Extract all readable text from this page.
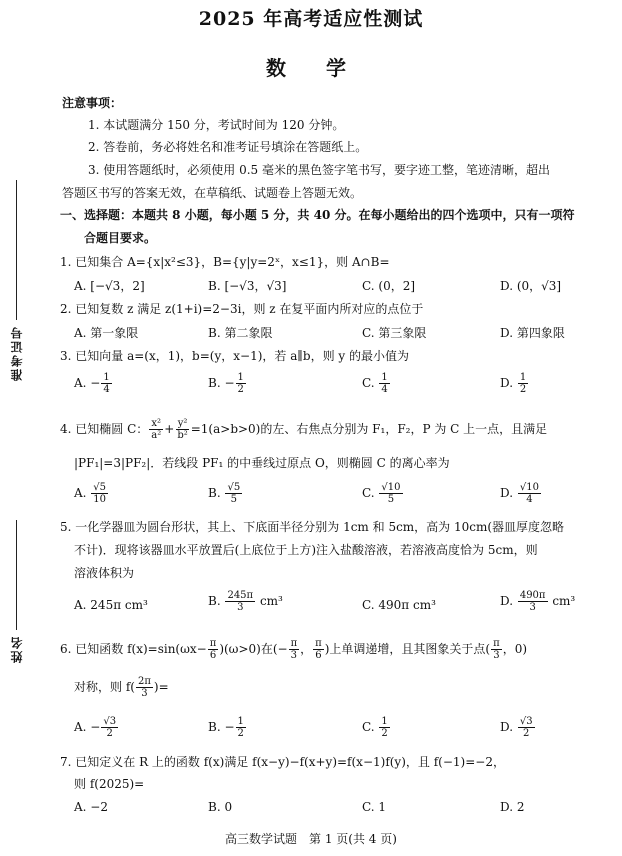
2025 年高考适应性测试
数　学
准考证号
姓名
注意事项：
1. 本试题满分 150 分，考试时间为 120 分钟。
2. 答卷前，务必将姓名和准考证号填涂在答题纸上。
3. 使用答题纸时，必须使用 0.5 毫米的黑色签字笔书写，要字迹工整，笔迹清晰，超出
答题区书写的答案无效，在草稿纸、试题卷上答题无效。
一、选择题：本题共 8 小题，每小题 5 分，共 40 分。在每小题给出的四个选项中，只有一项符
合题目要求。
1. 已知集合 A={x|x²≤3}，B={y|y=2ˣ，x≤1}，则 A∩B=
A. [−√3，2]	B. [−√3，√3]	C. (0，2]	D. (0，√3]
2. 已知复数 z 满足 z(1+i)=2−3i，则 z 在复平面内所对应的点位于
A. 第一象限	B. 第二象限	C. 第三象限	D. 第四象限
3. 已知向量 a=(x，1)，b=(y，x−1)，若 a∥b，则 y 的最小值为
A. − $\frac{1}{4}$	B. − $\frac{1}{2}$	C. $\frac{1}{4}$	D. $\frac{1}{2}$
4. 已知椭圆 C： $\frac{\text{x²}}{\text{a²}} + \frac{\text{y²}}{\text{b²}} =1(a>b>0)$的左、右焦点分别为 F₁，F₂，P 为 C 上一点，且满足
|PF₁|=3|PF₂|．若线段 PF₁ 的中垂线过原点 O，则椭圆 C 的离心率为
A. $\frac{√5}{10}$	B. $\frac{√5}{5}$	C. $\frac{√10}{5}$	D. $\frac{√10}{4}$
5. 一化学器皿为圆台形状，其上、下底面半径分别为 1cm 和 5cm，高为 10cm(器皿厚度忽略
不计)．现将该器皿水平放置后(上底位于上方)注入盐酸溶液，若溶液高度恰为 5cm，则
溶液体积为
A. 245π cm³	B. $\frac{245\pi}{3} cm^3$	C. 490π cm³	D. $\frac{490\pi}{3} cm^3$
6. 已知函数 $f(x)=\sin(\omega x- \frac{\pi}{6} )(\omega>0)$在(− $\frac{\pi}{3}$ ， $\frac{\pi}{6}$ )上单调递增，且其图象关于点( $\frac{\pi}{3}$ ，0)
对称，则 $f( \frac{2\pi}{3}$ )=
A. − $\frac{√3}{2}$	B. − $\frac{1}{2}$	C. $\frac{1}{2}$	D. $\frac{√3}{2}$
7. 已知定义在 R 上的函数 f(x)满足 f(x−y)−f(x+y)=f(x−1)f(y)，且 f(−1)=−2，
则 f(2025)=
A. −2	B. 0	C. 1	D. 2
高三数学试题　第 1 页(共 4 页)
